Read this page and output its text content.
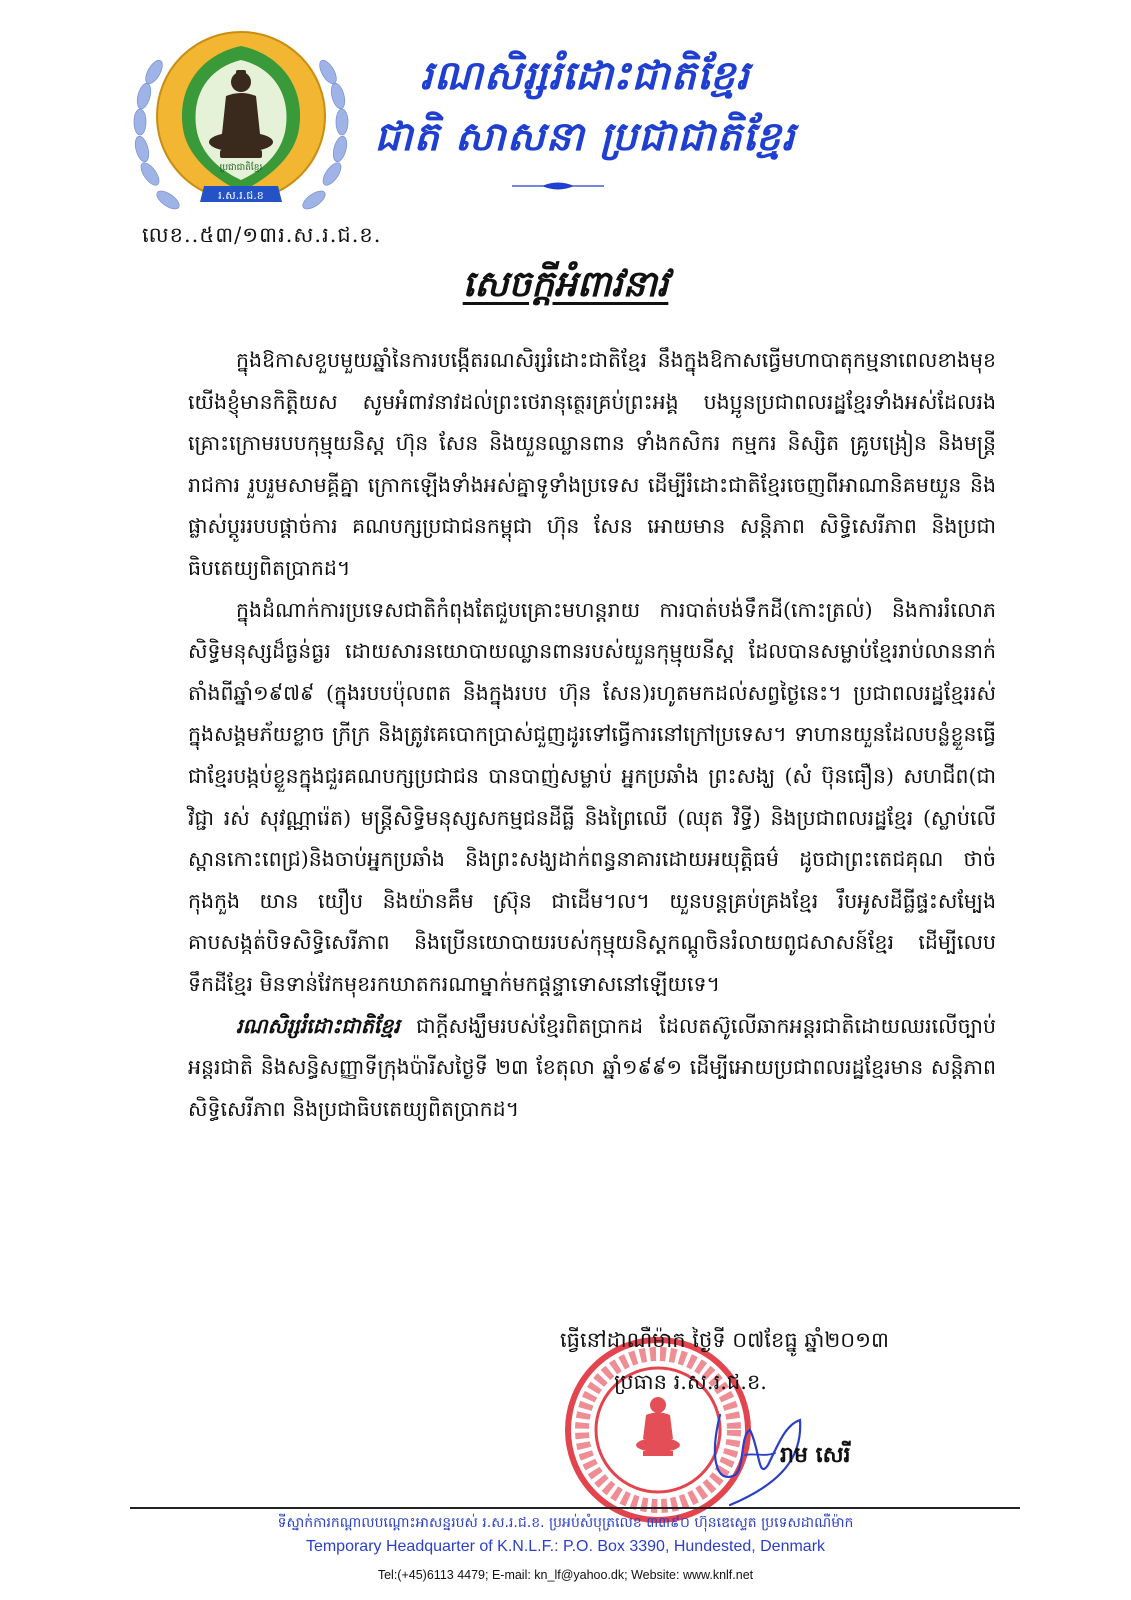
ប្រជាជាតិខ្មែរ
រ.ស.រ.ជ.ខ
រណសិរ្សរំដោះជាតិខ្មែរ
ជាតិ សាសនា ប្រជាជាតិខ្មែរ
លេខ..៥៣/១៣រ.ស.រ.ជ.ខ.
សេចក្តីអំពាវនាវ

ក្នុងឱកាសខួបមួយឆ្នាំនៃការបង្កើតរណសិរ្សរំដោះជាតិខ្មែរ នឹងក្នុងឱកាសធ្វើមហាបាតុកម្មនាពេលខាងមុខ យើងខ្ញុំមានកិត្តិយស សូមអំពាវនាវដល់ព្រះថេរានុត្ថេរគ្រប់ព្រះអង្គ បងប្អូនប្រជាពលរដ្ឋខ្មែរទាំងអស់ដែលរងគ្រោះក្រោមរបបកុម្មុយនិស្ត ហ៊ុន សែន និងយួនឈ្លានពាន ទាំងកសិករ កម្មករ និស្សិត គ្រូបង្រៀន និងមន្ត្រីរាជការ រួបរួមសាមគ្គីគ្នា ក្រោកឡើងទាំងអស់គ្នាទូទាំងប្រទេស ដើម្បីរំដោះជាតិខ្មែរចេញពីអាណានិគមយួន និងផ្លាស់ប្តូររបបផ្តាច់ការ គណបក្សប្រជាជនកម្ពុជា ហ៊ុន សែន អោយមាន សន្តិភាព សិទ្ធិសេរីភាព និងប្រជាធិបតេយ្យពិតប្រាកដ។

ក្នុងដំណាក់ការប្រទេសជាតិកំពុងតែជួបគ្រោះមហន្តរាយ ការបាត់បង់ទឹកដី(កោះត្រល់) និងការរំលោភសិទ្ធិមនុស្សដ៏ធ្ងន់ធ្ងរ ដោយសារនយោបាយឈ្លានពានរបស់យួនកុម្មុយនីស្ត ដែលបានសម្លាប់ខ្មែររាប់លាននាក់តាំងពីឆ្នាំ១៩៧៩ (ក្នុងរបបប៉ុលពត និងក្នុងរបប ហ៊ុន សែន)រហូតមកដល់សព្វថ្ងៃនេះ។ ប្រជាពលរដ្ឋខ្មែររស់ក្នុងសង្គមភ័យខ្លាច ក្រីក្រ និងត្រូវគេបោកប្រាស់ជួញដូរទៅធ្វើការនៅក្រៅប្រទេស។ ទាហានយួនដែលបន្លំខ្លួនធ្វើជាខ្មែរបង្កប់ខ្លួនក្នុងជួរគណបក្សប្រជាជន បានបាញ់សម្លាប់ អ្នកប្រឆាំង ព្រះសង្ឃ (សំ ប៊ុនធឿន) សហជីព(ជា វិជ្ជា រស់ សុវណ្ណារ៉េត) មន្ត្រីសិទ្ធិមនុស្សសកម្មជនដីធ្លី និងព្រៃឈើ (ឈុត វិទ្ធី) និងប្រជាពលរដ្ឋខ្មែរ (ស្លាប់លើស្ពានកោះពេជ្រ)និងចាប់អ្នកប្រឆាំង និងព្រះសង្ឃដាក់ពន្ធនាគារដោយអយុត្តិធម៌ ដូចជាព្រះតេជគុណ ថាច់ កុងកួង យាន យឿប និងយ៉ានគឹម ស្រ៊ុន ជាដើម។ល។ យួនបន្តគ្រប់គ្រងខ្មែរ រឹបអូសដីធ្លីផ្ទះសម្បែង គាបសង្កត់បិទសិទ្ធិសេរីភាព និងប្រើនយោបាយរបស់កុម្មុយនិស្តកណ្តូចិនរំលាយពូជសាសន៍ខ្មែរ ដើម្បីលេបទឹកដីខ្មែរ មិនទាន់វែកមុខរកឃាតករណាម្នាក់មកផ្តន្ទាទោសនៅឡើយទេ។

រណសិរ្សរំដោះជាតិខ្មែរ ជាក្តីសង្ឃឹមរបស់ខ្មែរពិតប្រាកដ ដែលតស៊ូលើឆាកអន្តរជាតិដោយឈរលើច្បាប់អន្តរជាតិ និងសន្ធិសញ្ញាទីក្រុងប៉ារីសថ្ងៃទី ២៣ ខែតុលា ឆ្នាំ១៩៩១ ដើម្បីអោយប្រជាពលរដ្ឋខ្មែរមាន សន្តិភាព សិទ្ធិសេរីភាព និងប្រជាធិបតេយ្យពិតប្រាកដ។

ធ្វើនៅដាណឺម៉ាក ថ្ងៃទី ០៧ខែធ្នូ ឆ្នាំ២០១៣
ប្រធាន រ.ស.រ.ជ.ខ.
រាម សេរី
ទីស្នាក់ការកណ្តាលបណ្តោះអាសន្នរបស់ រ.ស.រ.ជ.ខ. ប្រអប់សំបុត្រលេខ ៣៣៩០ ហ៊ុនឌេស្ទេត ប្រទេសដាណឺម៉ាក
Temporary Headquarter of K.N.L.F.: P.O. Box 3390, Hundested, Denmark
Tel:(+45)6113 4479; E-mail: kn_lf@yahoo.dk; Website: www.knlf.net
